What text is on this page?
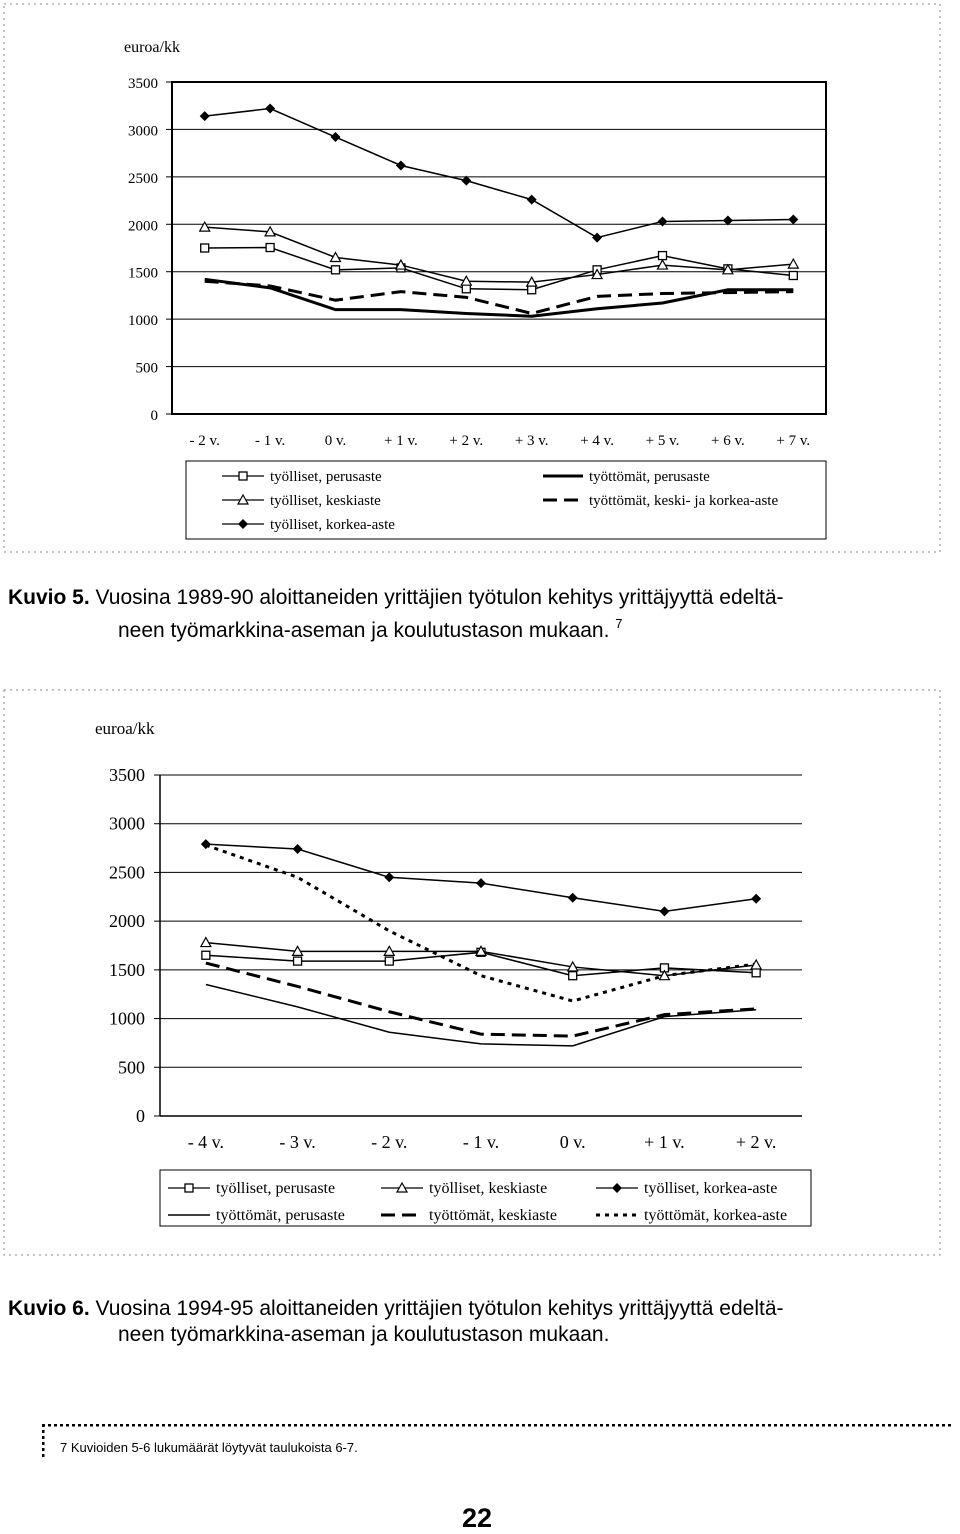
euroa/kk
0
500
1000
1500
2000
2500
3000
3500
- 2 v. - 1 v.	0 v.	+ 1 v. + 2 v. + 3 v. + 4 v. + 5 v. + 6 v. + 7 v.
työlliset, perusaste
työlliset, keskiaste
työlliset, korkea-aste
työttömät, perusaste
työttömät, keski- ja korkea-aste
Kuvio 5. Vuosina 1989-90 aloittaneiden yrittäjien työtulon kehitys yrittäjyyttä edeltä-
neen työmarkkina-aseman ja koulutustason mukaan. $^7$
euroa/kk
0
500
1000
1500
2000
2500
3000
3500
- 4 v.	- 3 v.	- 2 v.	- 1 v.	0 v.	+ 1 v.	+ 2 v.
työlliset, perusaste	työlliset, keskiaste	työlliset, korkea-aste
työttömät, perusaste	työttömät, keskiaste	työttömät, korkea-aste
Kuvio 6. Vuosina 1994-95 aloittaneiden yrittäjien työtulon kehitys yrittäjyyttä edeltä-
neen työmarkkina-aseman ja koulutustason mukaan.
7 Kuvioiden 5-6 lukumäärät löytyvät taulukoista 6-7.
22
